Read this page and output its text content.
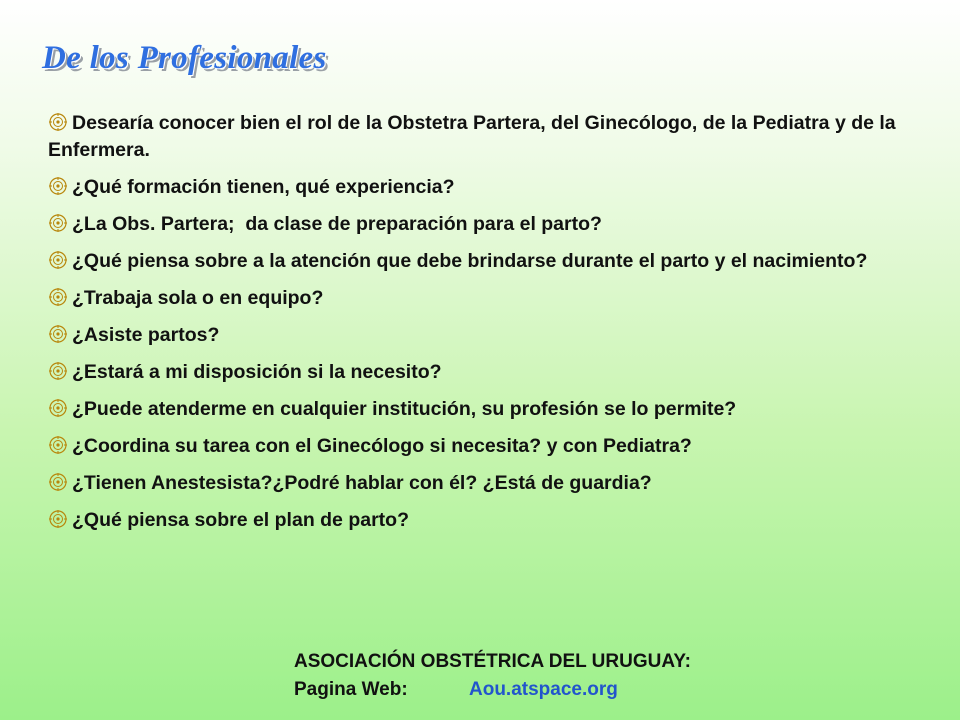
De los Profesionales
Desearía conocer bien el rol de la Obstetra Partera, del Ginecólogo, de la Pediatra y de la Enfermera.
¿Qué formación tienen, qué experiencia?
¿La Obs. Partera;  da clase de preparación para el parto?
¿Qué piensa sobre a la atención que debe brindarse durante el parto y el nacimiento?
¿Trabaja sola o en equipo?
¿Asiste partos?
¿Estará a mi disposición si la necesito?
¿Puede atenderme en cualquier institución, su profesión se lo permite?
¿Coordina su tarea con el Ginecólogo si necesita? y con Pediatra?
¿Tienen Anestesista?¿Podré hablar con él? ¿Está de guardia?
¿Qué piensa sobre el plan de parto?
ASOCIACIÓN OBSTÉTRICA DEL URUGUAY:
Pagina Web:	Aou.atspace.org
